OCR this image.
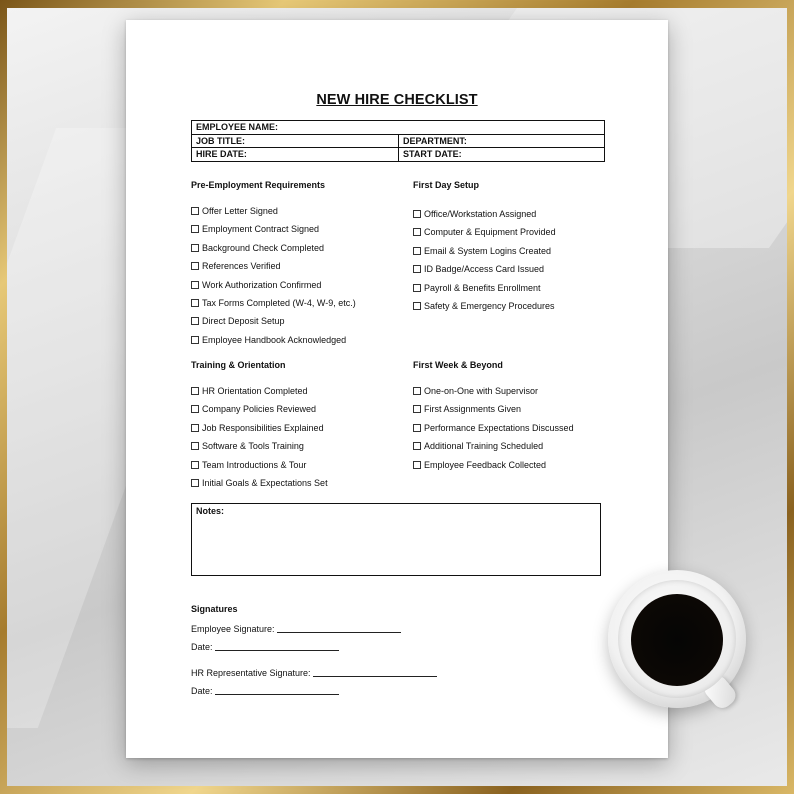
NEW HIRE CHECKLIST
EMPLOYEE NAME:
JOB TITLE:	DEPARTMENT:
HIRE DATE:	START DATE:
Pre-Employment Requirements
Offer Letter Signed
Employment Contract Signed
Background Check Completed
References Verified
Work Authorization Confirmed
Tax Forms Completed (W-4, W-9, etc.)
Direct Deposit Setup
Employee Handbook Acknowledged
First Day Setup
Office/Workstation Assigned
Computer & Equipment Provided
Email & System Logins Created
ID Badge/Access Card Issued
Payroll & Benefits Enrollment
Safety & Emergency Procedures
Training & Orientation
HR Orientation Completed
Company Policies Reviewed
Job Responsibilities Explained
Software & Tools Training
Team Introductions & Tour
Initial Goals & Expectations Set
First Week & Beyond
One-on-One with Supervisor
First Assignments Given
Performance Expectations Discussed
Additional Training Scheduled
Employee Feedback Collected
Notes:
Signatures
Employee Signature:
Date:
HR Representative Signature:
Date:
